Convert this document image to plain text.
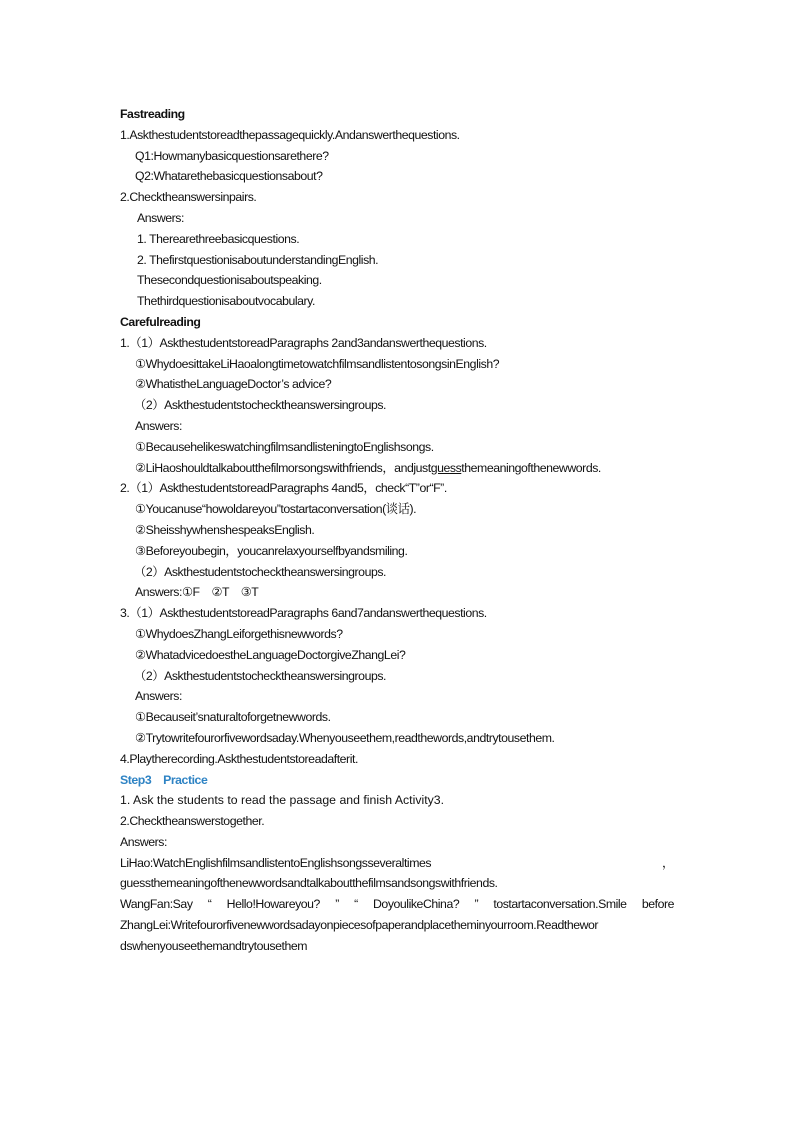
Fastreading
1.Askthestudentstoreadthepassagequickly.Andanswerthequestions.
Q1:Howmanybasicquestionsarethere?
Q2:Whatarethebasicquestionsabout?
2.Checktheanswersinpairs.
Answers:
1. Therearethreebasicquestions.
2. ThefirstquestionisaboutunderstandingEnglish.
Thesecondquestionisaboutspeaking.
Thethirdquestionisaboutvocabulary.
Carefulreading
1.（1）AskthestudentstoreadParagraphs 2and3andanswerthequestions.
①WhydoesittakeLiHaoalongtimetowatchfilmsandlistentosongsinEnglish?
②WhatistheLanguageDoctor’s advice?
（2）Askthestudentstochecktheanswersingroups.
Answers:
①BecausehelikeswatchingfilmsandlisteningtoEnglishsongs.
②LiHaoshouldtalkaboutthefilmorsongswithfriends，andjustguessthemeaningofthenewwords.
2.（1）AskthestudentstoreadParagraphs 4and5，check“T”or“F”.
①Youcanuse“howoldareyou”tostartaconversation(谈话).
②SheisshywhenshespeaksEnglish.
③Beforeyoubegin，youcanrelaxyourselfbyandsmiling.
（2）Askthestudentstochecktheanswersingroups.
Answers:①F　②T　③T
3.（1）AskthestudentstoreadParagraphs 6and7andanswerthequestions.
①WhydoesZhangLeiforgethisnewwords?
②WhatadvicedoestheLanguageDoctorgiveZhangLei?
（2）Askthestudentstochecktheanswersingroups.
Answers:
①Becauseit’snaturaltoforgetnewwords.
②Trytowritefourorfivewordsaday.Whenyouseethem,readthewords,andtrytousethem.
4.Playtherecording.Askthestudentstoreadafterit.
Step3　Practice
1. Ask the students to read the passage and finish Activity3.
2.Checktheanswerstogether.
Answers:
LiHao:WatchEnglishfilmsandlistentoEnglishsongsseveraltimes	，
guessthemeaningofthenewwordsandtalkaboutthefilmsandsongswithfriends.
WangFan:Say “ Hello!Howareyou? ” “ DoyoulikeChina? ” tostartaconversation.Smile before
ZhangLei:Writefourorfivenewwordsadayonpiecesofpaperandplacetheminyourroom.Readthewor
dswhenyouseethemandtrytousethem
